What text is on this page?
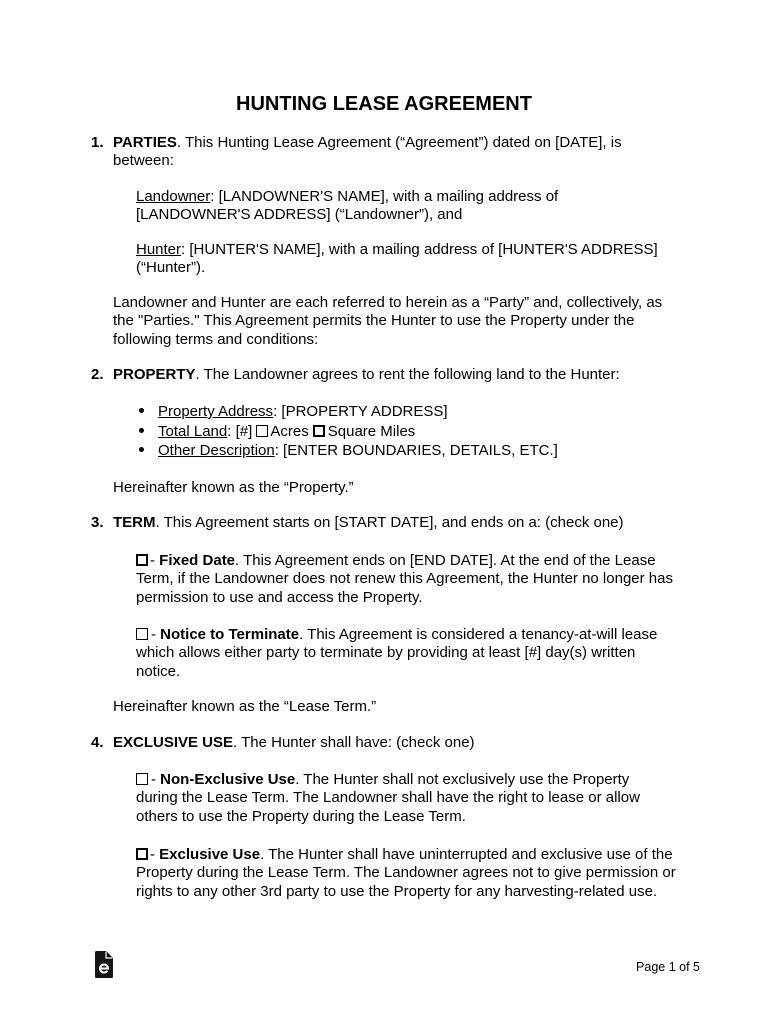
HUNTING LEASE AGREEMENT
1. PARTIES. This Hunting Lease Agreement (“Agreement”) dated on [DATE], is
between:
Landowner: [LANDOWNER'S NAME], with a mailing address of
[LANDOWNER'S ADDRESS] (“Landowner”), and
Hunter: [HUNTER'S NAME], with a mailing address of [HUNTER'S ADDRESS]
(“Hunter”).
Landowner and Hunter are each referred to herein as a “Party” and, collectively, as
the "Parties." This Agreement permits the Hunter to use the Property under the
following terms and conditions:
2. PROPERTY. The Landowner agrees to rent the following land to the Hunter:
Property Address: [PROPERTY ADDRESS]
Total Land: [#] Acres Square Miles
Other Description: [ENTER BOUNDARIES, DETAILS, ETC.]
Hereinafter known as the “Property.”
3. TERM. This Agreement starts on [START DATE], and ends on a: (check one)
- Fixed Date. This Agreement ends on [END DATE]. At the end of the Lease
Term, if the Landowner does not renew this Agreement, the Hunter no longer has
permission to use and access the Property.
- Notice to Terminate. This Agreement is considered a tenancy-at-will lease
which allows either party to terminate by providing at least [#] day(s) written
notice.
Hereinafter known as the “Lease Term.”
4. EXCLUSIVE USE. The Hunter shall have: (check one)
- Non-Exclusive Use. The Hunter shall not exclusively use the Property
during the Lease Term. The Landowner shall have the right to lease or allow
others to use the Property during the Lease Term.
- Exclusive Use. The Hunter shall have uninterrupted and exclusive use of the
Property during the Lease Term. The Landowner agrees not to give permission or
rights to any other 3rd party to use the Property for any harvesting-related use.
Page 1 of 5
